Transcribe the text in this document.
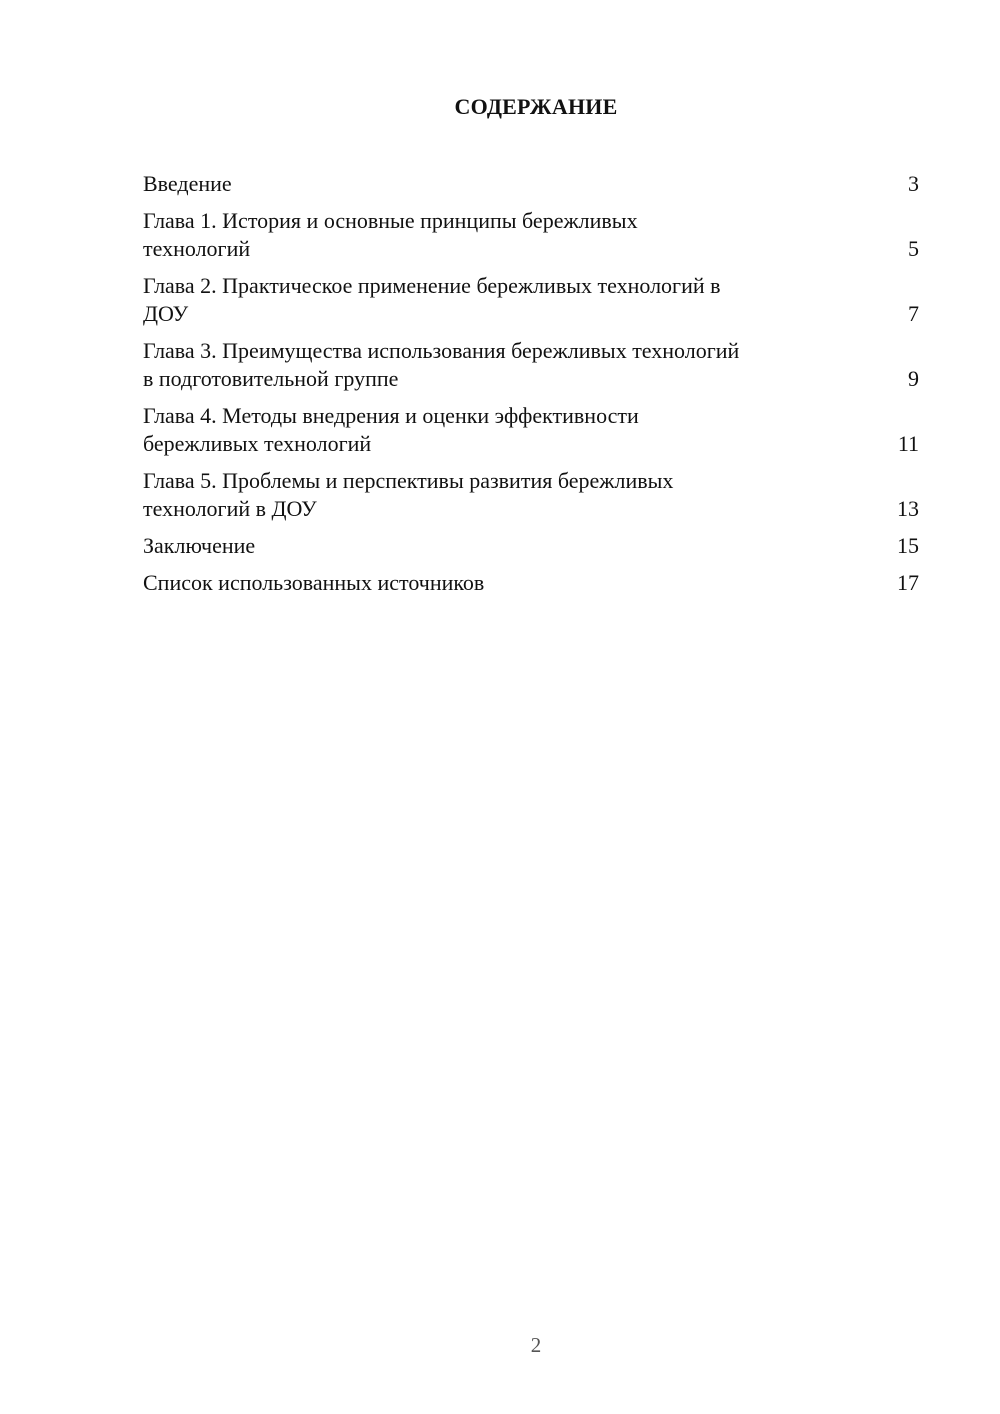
СОДЕРЖАНИЕ
Введение	3
Глава 1. История и основные принципы бережливых
технологий	5
Глава 2. Практическое применение бережливых технологий в
ДОУ	7
Глава 3. Преимущества использования бережливых технологий
в подготовительной группе	9
Глава 4. Методы внедрения и оценки эффективности
бережливых технологий	11
Глава 5. Проблемы и перспективы развития бережливых
технологий в ДОУ	13
Заключение	15
Список использованных источников	17
2
